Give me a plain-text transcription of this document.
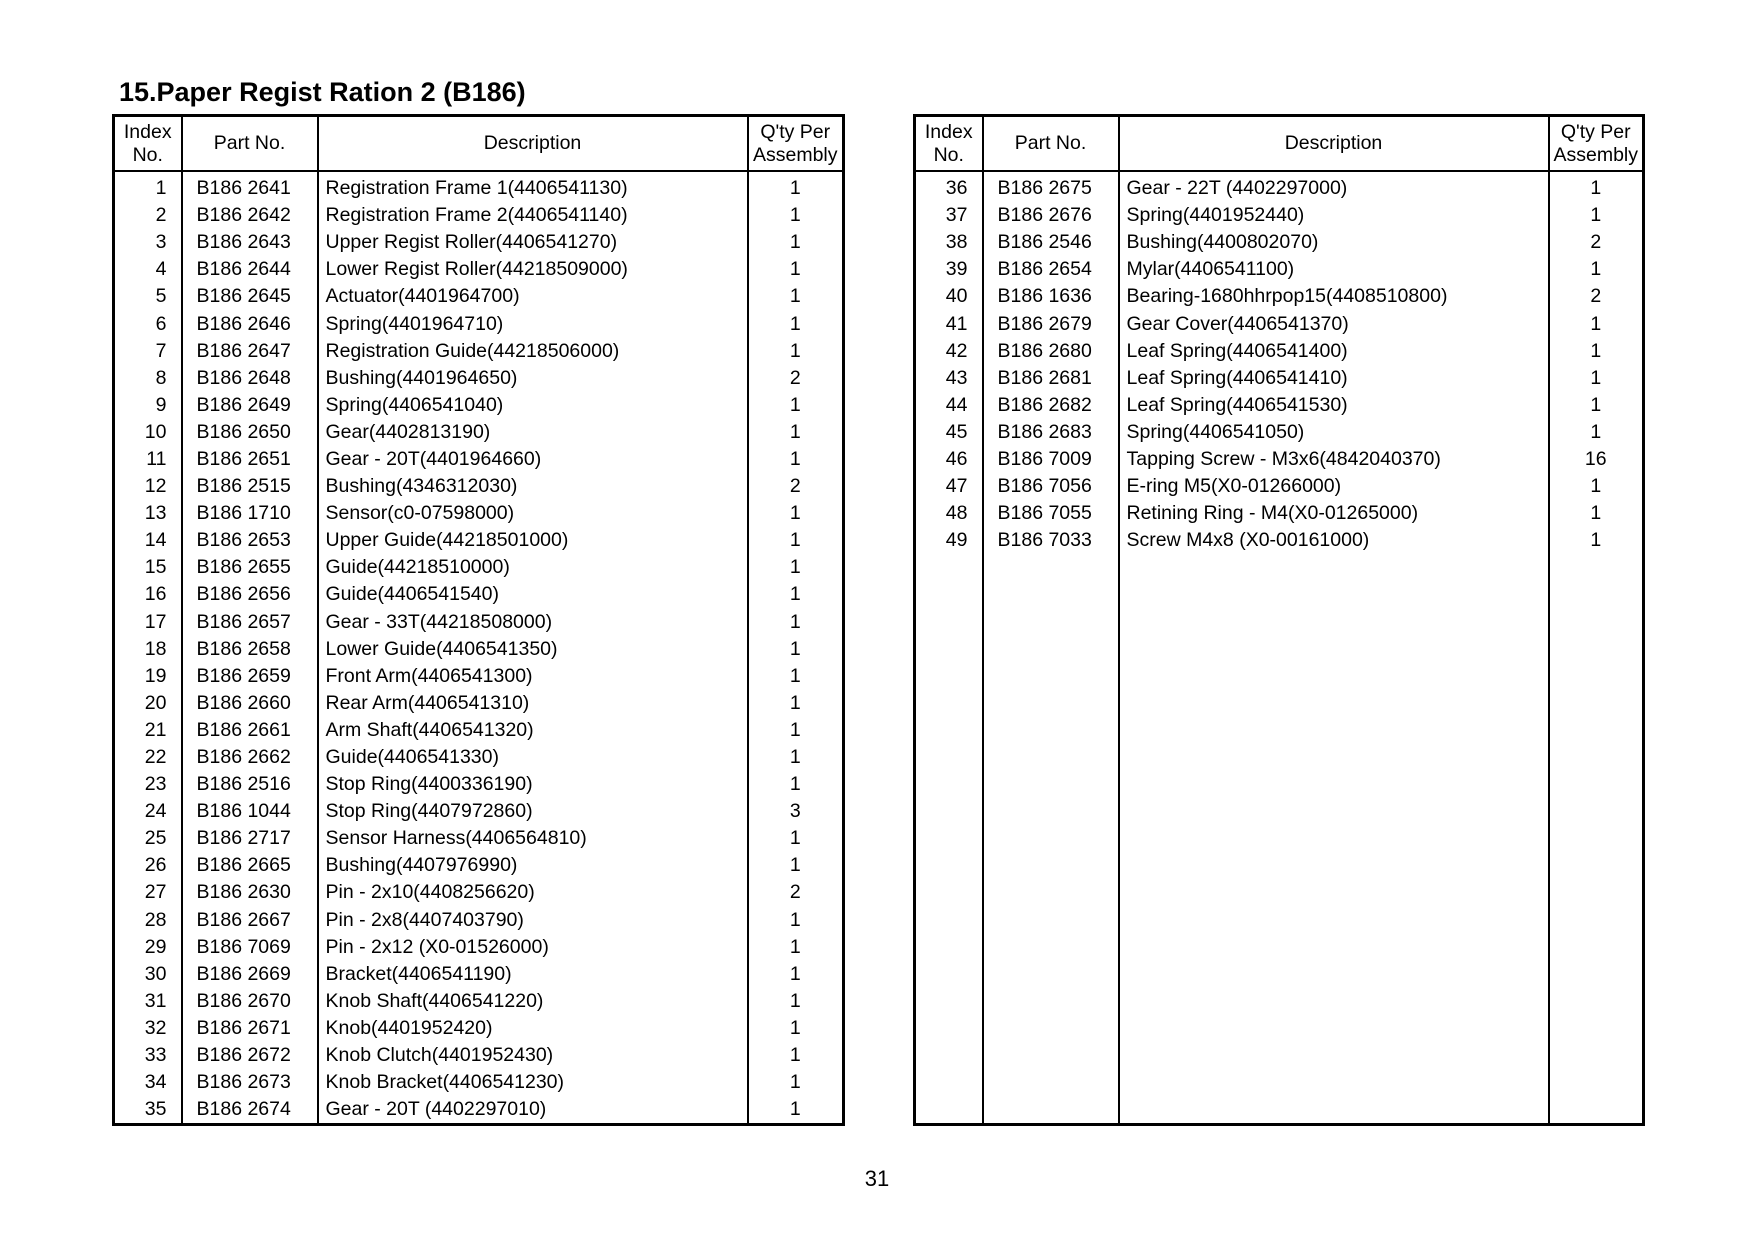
15.Paper Regist Ration 2 (B186)
Index
No.	Part No.	Description	Q'ty Per
Assembly
1	B186 2641	Registration Frame 1(4406541130)	1
2	B186 2642	Registration Frame 2(4406541140)	1
3	B186 2643	Upper Regist Roller(4406541270)	1
4	B186 2644	Lower Regist Roller(44218509000)	1
5	B186 2645	Actuator(4401964700)	1
6	B186 2646	Spring(4401964710)	1
7	B186 2647	Registration Guide(44218506000)	1
8	B186 2648	Bushing(4401964650)	2
9	B186 2649	Spring(4406541040)	1
10	B186 2650	Gear(4402813190)	1
11	B186 2651	Gear - 20T(4401964660)	1
12	B186 2515	Bushing(4346312030)	2
13	B186 1710	Sensor(c0-07598000)	1
14	B186 2653	Upper Guide(44218501000)	1
15	B186 2655	Guide(44218510000)	1
16	B186 2656	Guide(4406541540)	1
17	B186 2657	Gear - 33T(44218508000)	1
18	B186 2658	Lower Guide(4406541350)	1
19	B186 2659	Front Arm(4406541300)	1
20	B186 2660	Rear Arm(4406541310)	1
21	B186 2661	Arm Shaft(4406541320)	1
22	B186 2662	Guide(4406541330)	1
23	B186 2516	Stop Ring(4400336190)	1
24	B186 1044	Stop Ring(4407972860)	3
25	B186 2717	Sensor Harness(4406564810)	1
26	B186 2665	Bushing(4407976990)	1
27	B186 2630	Pin - 2x10(4408256620)	2
28	B186 2667	Pin - 2x8(4407403790)	1
29	B186 7069	Pin - 2x12 (X0-01526000)	1
30	B186 2669	Bracket(4406541190)	1
31	B186 2670	Knob Shaft(4406541220)	1
32	B186 2671	Knob(4401952420)	1
33	B186 2672	Knob Clutch(4401952430)	1
34	B186 2673	Knob Bracket(4406541230)	1
35	B186 2674	Gear - 20T (4402297010)	1
Index
No.	Part No.	Description	Q'ty Per
Assembly
36	B186 2675	Gear - 22T (4402297000)	1
37	B186 2676	Spring(4401952440)	1
38	B186 2546	Bushing(4400802070)	2
39	B186 2654	Mylar(4406541100)	1
40	B186 1636	Bearing-1680hhrpop15(4408510800)	2
41	B186 2679	Gear Cover(4406541370)	1
42	B186 2680	Leaf Spring(4406541400)	1
43	B186 2681	Leaf Spring(4406541410)	1
44	B186 2682	Leaf Spring(4406541530)	1
45	B186 2683	Spring(4406541050)	1
46	B186 7009	Tapping Screw - M3x6(4842040370)	16
47	B186 7056	E-ring M5(X0-01266000)	1
48	B186 7055	Retining Ring - M4(X0-01265000)	1
49	B186 7033	Screw M4x8 (X0-00161000)	1

31
